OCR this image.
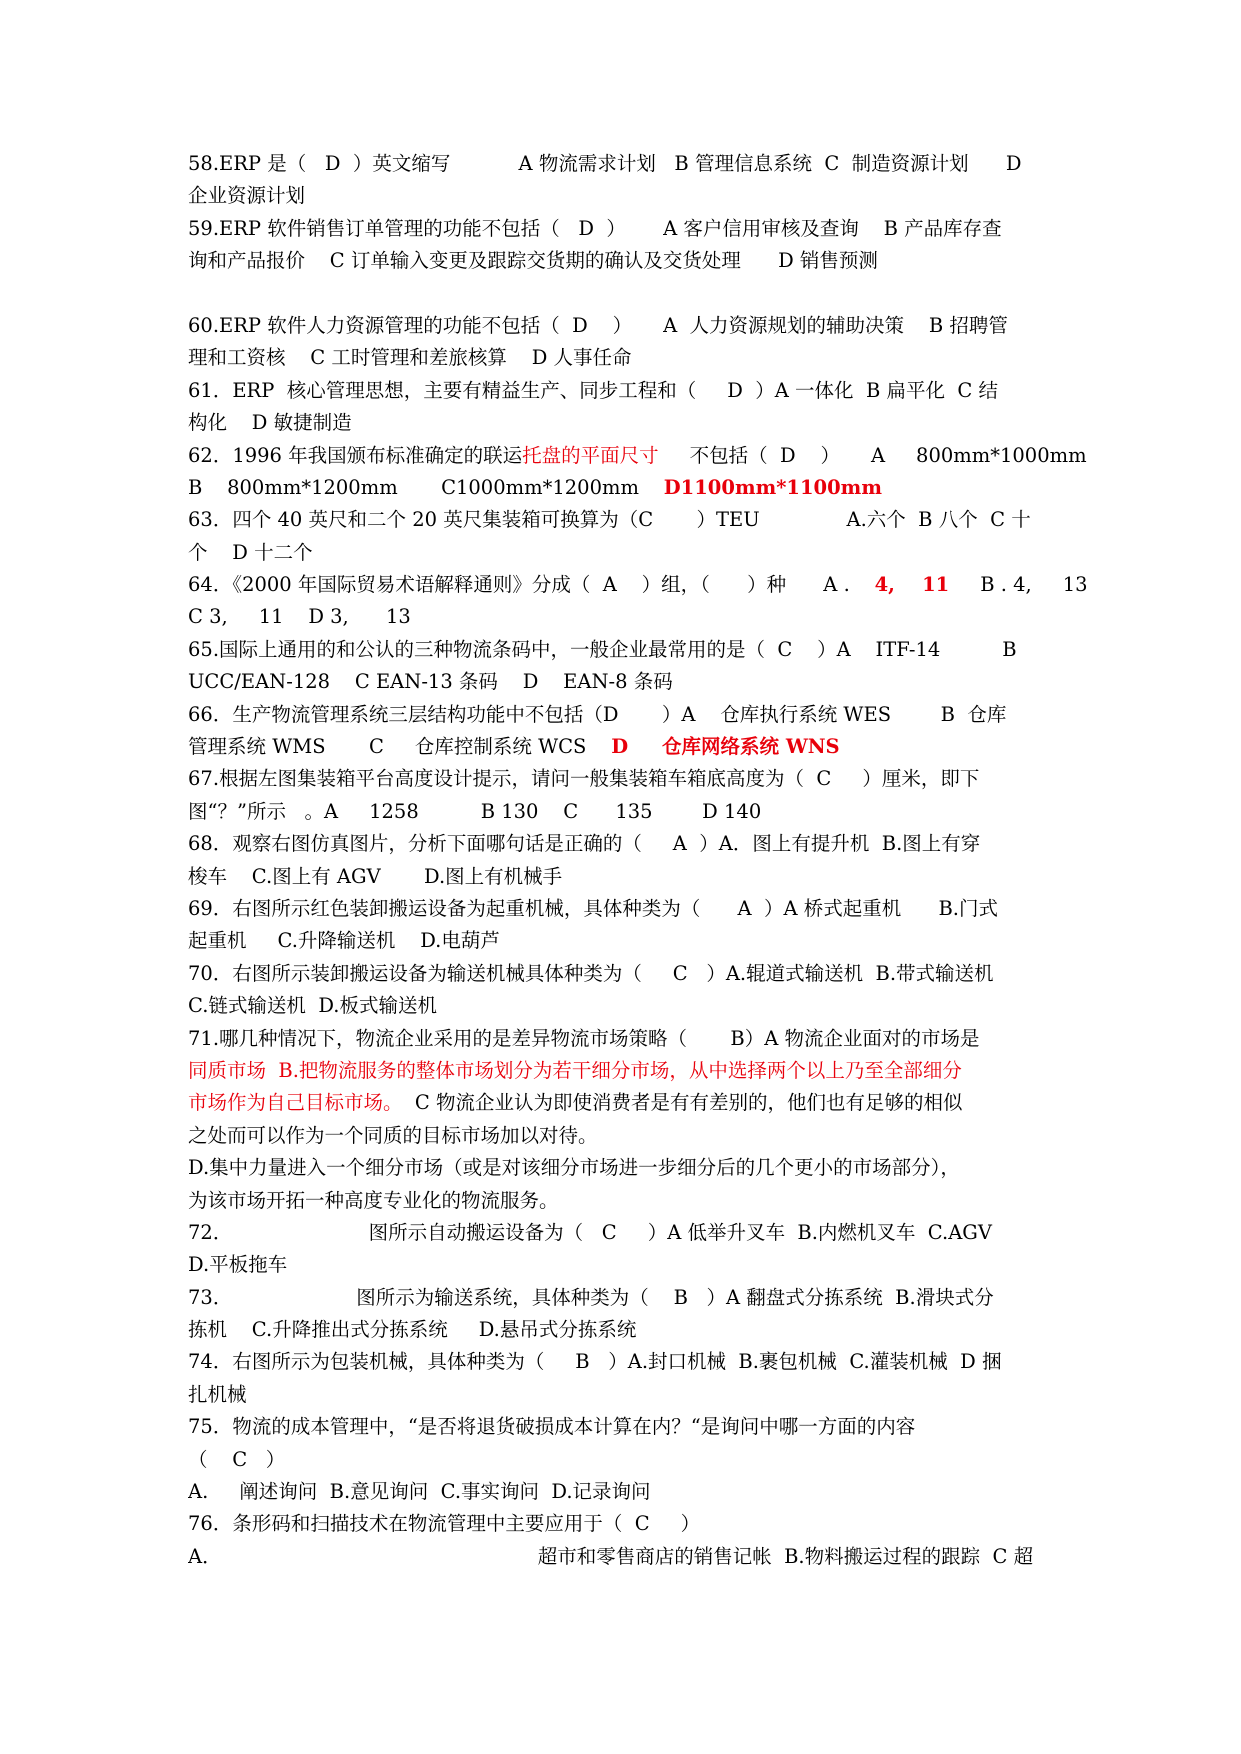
58.ERP 是（   D  ）英文缩写           A 物流需求计划   B 管理信息系统  C  制造资源计划      D
企业资源计划
59.ERP 软件销售订单管理的功能不包括（   D  ）      A 客户信用审核及查询    B 产品库存查
询和产品报价    C 订单输入变更及跟踪交货期的确认及交货处理      D 销售预测
60.ERP 软件人力资源管理的功能不包括（  D    ）     A  人力资源规划的辅助决策    B 招聘管
理和工资核    C 工时管理和差旅核算    D 人事任命
61．ERP  核心管理思想，主要有精益生产、同步工程和（     D  ）A 一体化  B 扁平化  C 结
构化    D 敏捷制造
62．1996 年我国颁布标准确定的联运托盘的平面尺寸     不包括（  D    ）     A     800mm*1000mm
B    800mm*1200mm       C1000mm*1200mm    D1100mm*1100mm
63．四个 40 英尺和二个 20 英尺集装箱可换算为（C       ）TEU              A.六个  B 八个  C 十
个    D 十二个
64．《2000 年国际贸易术语解释通则》分成（  A    ）组，（      ）种      A .    4,    11     B . 4,     13
C 3,     11    D 3,      13
65.国际上通用的和公认的三种物流条码中，一般企业最常用的是（  C    ）A    ITF-14          B
UCC/EAN-128    C EAN-13 条码    D    EAN-8 条码
66．生产物流管理系统三层结构功能中不包括（D       ）A    仓库执行系统 WES        B  仓库
管理系统 WMS       C     仓库控制系统 WCS    D     仓库网络系统 WNS
67.根据左图集装箱平台高度设计提示，请问一般集装箱车箱底高度为（  C     ）厘米，即下
图“？”所示   。A     1258          B 130    C      135        D 140
68．观察右图仿真图片，分析下面哪句话是正确的（     A  ）A．图上有提升机  B.图上有穿
梭车    C.图上有 AGV       D.图上有机械手
69．右图所示红色装卸搬运设备为起重机械，具体种类为（      A  ）A 桥式起重机      B.门式
起重机     C.升降输送机    D.电葫芦
70．右图所示装卸搬运设备为输送机械具体种类为（     C   ）A.辊道式输送机  B.带式输送机
C.链式输送机  D.板式输送机
71.哪几种情况下，物流企业采用的是差异物流市场策略（       B）A 物流企业面对的市场是
同质市场  B.把物流服务的整体市场划分为若干细分市场，从中选择两个以上乃至全部细分
市场作为自己目标市场。  C 物流企业认为即使消费者是有有差别的，他们也有足够的相似
之处而可以作为一个同质的目标市场加以对待。
D.集中力量进入一个细分市场（或是对该细分市场进一步细分后的几个更小的市场部分），
为该市场开拓一种高度专业化的物流服务。
72．                      图所示自动搬运设备为（   C     ）A 低举升叉车  B.内燃机叉车  C.AGV
D.平板拖车
73．                    图所示为输送系统，具体种类为（    B   ）A 翻盘式分拣系统  B.滑块式分
拣机    C.升降推出式分拣系统     D.悬吊式分拣系统
74．右图所示为包装机械，具体种类为（     B   ）A.封口机械  B.裹包机械  C.灌装机械  D 捆
扎机械
75．物流的成本管理中，“是否将退货破损成本计算在内？“是询问中哪一方面的内容
（    C   ）
A.     阐述询问  B.意见询问  C.事实询问  D.记录询问
76．条形码和扫描技术在物流管理中主要应用于（  C     ）
A．                                                   超市和零售商店的销售记帐  B.物料搬运过程的跟踪  C 超
